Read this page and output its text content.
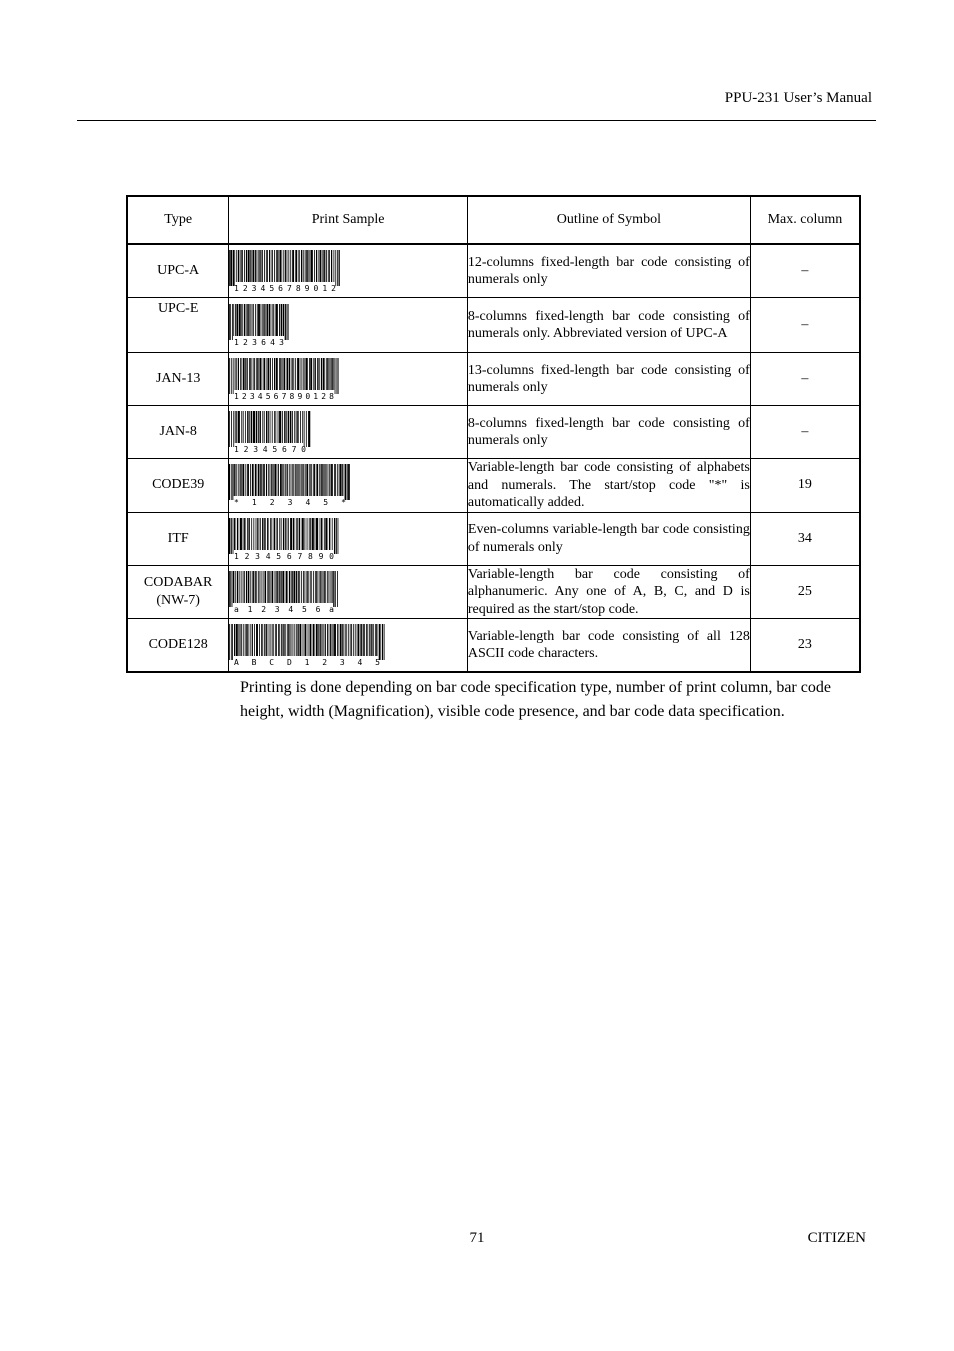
PPU-231 User’s Manual
Type	Print Sample	Outline of Symbol	Max. column
UPC-A	1 2 3 4 5 6 7 8 9 0 1 2	12-columns fixed-length bar code consisting of numerals only	–
UPC-E	1 2 3 6 4 3	8-columns fixed-length bar code consisting of numerals only. Abbreviated version of UPC-A	–
JAN-13	1 2 3 4 5 6 7 8 9 0 1 2 8	13-columns fixed-length bar code consisting of numerals only	–
JAN-8	1 2 3 4 5 6 7 0	8-columns fixed-length bar code consisting of numerals only	–
CODE39	* 1 2 3 4 5 *	Variable-length bar code consisting of alphabets and numerals. The start/stop code "*" is automatically added.	19
ITF	1 2 3 4 5 6 7 8 9 0	Even-columns variable-length bar code consisting of numerals only	34
CODABAR
(NW-7)	a 1 2 3 4 5 6 a	Variable-length bar code consisting of alphanumeric. Any one of A, B, C, and D is required as the start/stop code.	25
CODE128	ABCD12345	Variable-length bar code consisting of all 128 ASCII code characters.	23
Printing is done depending on bar code specification type, number of print column, bar code height, width (Magnification), visible code presence, and bar code data specification.
71	CITIZEN
